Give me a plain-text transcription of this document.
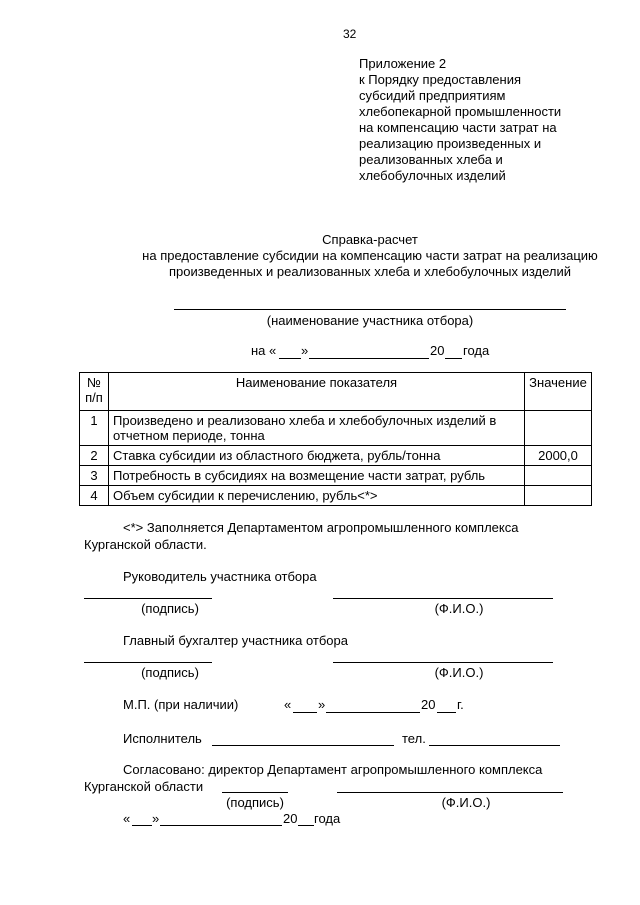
32
Приложение 2
к Порядку предоставления
субсидий предприятиям
хлебопекарной промышленности
на компенсацию части затрат на
реализацию произведенных и
реализованных хлеба и
хлебобулочных изделий
Справка-расчет
на предоставление субсидии на компенсацию части затрат на реализацию
произведенных и реализованных хлеба и хлебобулочных изделий
(наименование участника отбора)
на « »	20 года
№ п/п	Наименование показателя	Значение
1	Произведено и реализовано хлеба и хлебобулочных изделий в отчетном периоде, тонна	
2	Ставка субсидии из областного бюджета, рубль/тонна	2000,0
3	Потребность в субсидиях на возмещение части затрат, рубль	
4	Объем субсидии к перечислению, рубль<*>	
<*> Заполняется Департаментом агропромышленного комплекса
Курганской области.
Руководитель участника отбора
(подпись)	(Ф.И.О.)
Главный бухгалтер участника отбора
(подпись)	(Ф.И.О.)
М.П. (при наличии)	« »	20 г.
Исполнитель	тел.
Согласовано: директор Департамент агропромышленного комплекса
Курганской области
(подпись)	(Ф.И.О.)
« »	20 года
